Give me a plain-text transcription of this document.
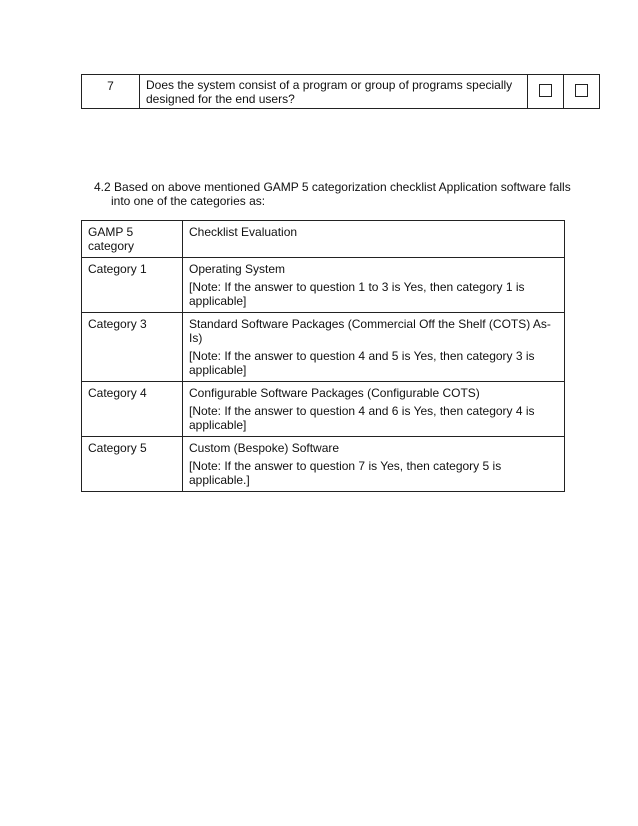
7	Does the system consist of a program or group of programs specially designed for the end users?		
4.2 Based on above mentioned GAMP 5 categorization checklist Application software falls
into one of the categories as:
GAMP 5 category	Checklist Evaluation
Category 1	Operating System
[Note: If the answer to question 1 to 3 is Yes, then category 1 is applicable]

Category 3	Standard Software Packages (Commercial Off the Shelf (COTS) As-Is)
[Note: If the answer to question 4 and 5 is Yes, then category 3 is applicable]

Category 4	Configurable Software Packages (Configurable COTS)
[Note: If the answer to question 4 and 6 is Yes, then category 4 is applicable]

Category 5	Custom (Bespoke) Software
[Note: If the answer to question 7 is Yes, then category 5 is applicable.]
